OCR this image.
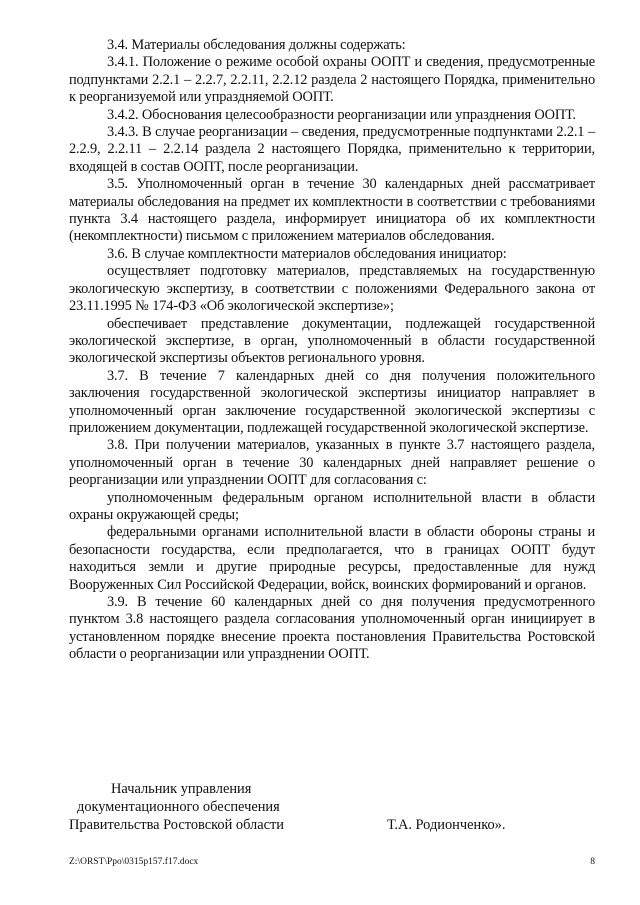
3.4. Материалы обследования должны содержать:

3.4.1. Положение о режиме особой охраны ООПТ и сведения, предусмотренные подпунктами 2.2.1 – 2.2.7, 2.2.11, 2.2.12 раздела 2 настоящего Порядка, применительно к реорганизуемой или упраздняемой ООПТ.

3.4.2. Обоснования целесообразности реорганизации или упразднения ООПТ.

3.4.3. В случае реорганизации – сведения, предусмотренные подпунктами 2.2.1 – 2.2.9, 2.2.11 – 2.2.14 раздела 2 настоящего Порядка, применительно к территории, входящей в состав ООПТ, после реорганизации.

3.5. Уполномоченный орган в течение 30 календарных дней рассматривает материалы обследования на предмет их комплектности в соответствии с требованиями пункта 3.4 настоящего раздела, информирует инициатора об их комплектности (некомплектности) письмом с приложением материалов обследования.

3.6. В случае комплектности материалов обследования инициатор:

осуществляет подготовку материалов, представляемых на государственную экологическую экспертизу, в соответствии с положениями Федерального закона от 23.11.1995 № 174-ФЗ «Об экологической экспертизе»;

обеспечивает представление документации, подлежащей государственной экологической экспертизе, в орган, уполномоченный в области государственной экологической экспертизы объектов регионального уровня.

3.7. В течение 7 календарных дней со дня получения положительного заключения государственной экологической экспертизы инициатор направляет в уполномоченный орган заключение государственной экологической экспертизы с приложением документации, подлежащей государственной экологической экспертизе.

3.8. При получении материалов, указанных в пункте 3.7 настоящего раздела, уполномоченный орган в течение 30 календарных дней направляет решение о реорганизации или упразднении ООПТ для согласования с:

уполномоченным федеральным органом исполнительной власти в области охраны окружающей среды;

федеральными органами исполнительной власти в области обороны страны и безопасности государства, если предполагается, что в границах ООПТ будут находиться земли и другие природные ресурсы, предоставленные для нужд Вооруженных Сил Российской Федерации, войск, воинских формирований и органов.

3.9. В течение 60 календарных дней со дня получения предусмотренного пунктом 3.8 настоящего раздела согласования уполномоченный орган инициирует в установленном порядке внесение проекта постановления Правительства Ростовской области о реорганизации или упразднении ООПТ.

Начальник управления
документационного обеспечения
Правительства Ростовской области	Т.А. Родионченко».
Z:\ORST\Ppo\0315p157.f17.docx	8
